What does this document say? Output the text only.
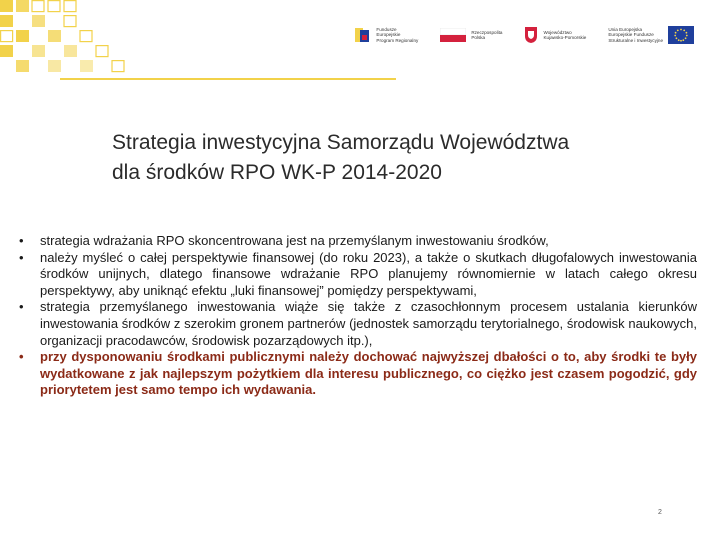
Fundusze
Europejskie
Program Regionalny
Rzeczpospolita
Polska
Województwo
Kujawsko-Pomorskie
Unia Europejska
Europejskie Fundusze
Strukturalne i Inwestycyjne
Strategia inwestycyjna Samorządu Województwa
dla środków RPO WK-P 2014-2020
• strategia wdrażania RPO skoncentrowana jest na przemyślanym inwestowaniu środków,
• należy myśleć o całej perspektywie finansowej (do roku 2023), a także o skutkach długofalowych inwestowania środków unijnych, dlatego finansowe wdrażanie RPO planujemy równomiernie w latach całego okresu perspektywy, aby uniknąć efektu „luki finansowej” pomiędzy perspektywami,
• strategia przemyślanego inwestowania wiąże się także z czasochłonnym procesem ustalania kierunków inwestowania środków z szerokim gronem partnerów (jednostek samorządu terytorialnego, środowisk naukowych, organizacji pracodawców, środowisk pozarządowych itp.),
• przy dysponowaniu środkami publicznymi należy dochować najwyższej dbałości o to, aby środki te były wydatkowane z jak najlepszym pożytkiem dla interesu publicznego, co ciężko jest czasem pogodzić, gdy priorytetem jest samo tempo ich wydawania.
2
